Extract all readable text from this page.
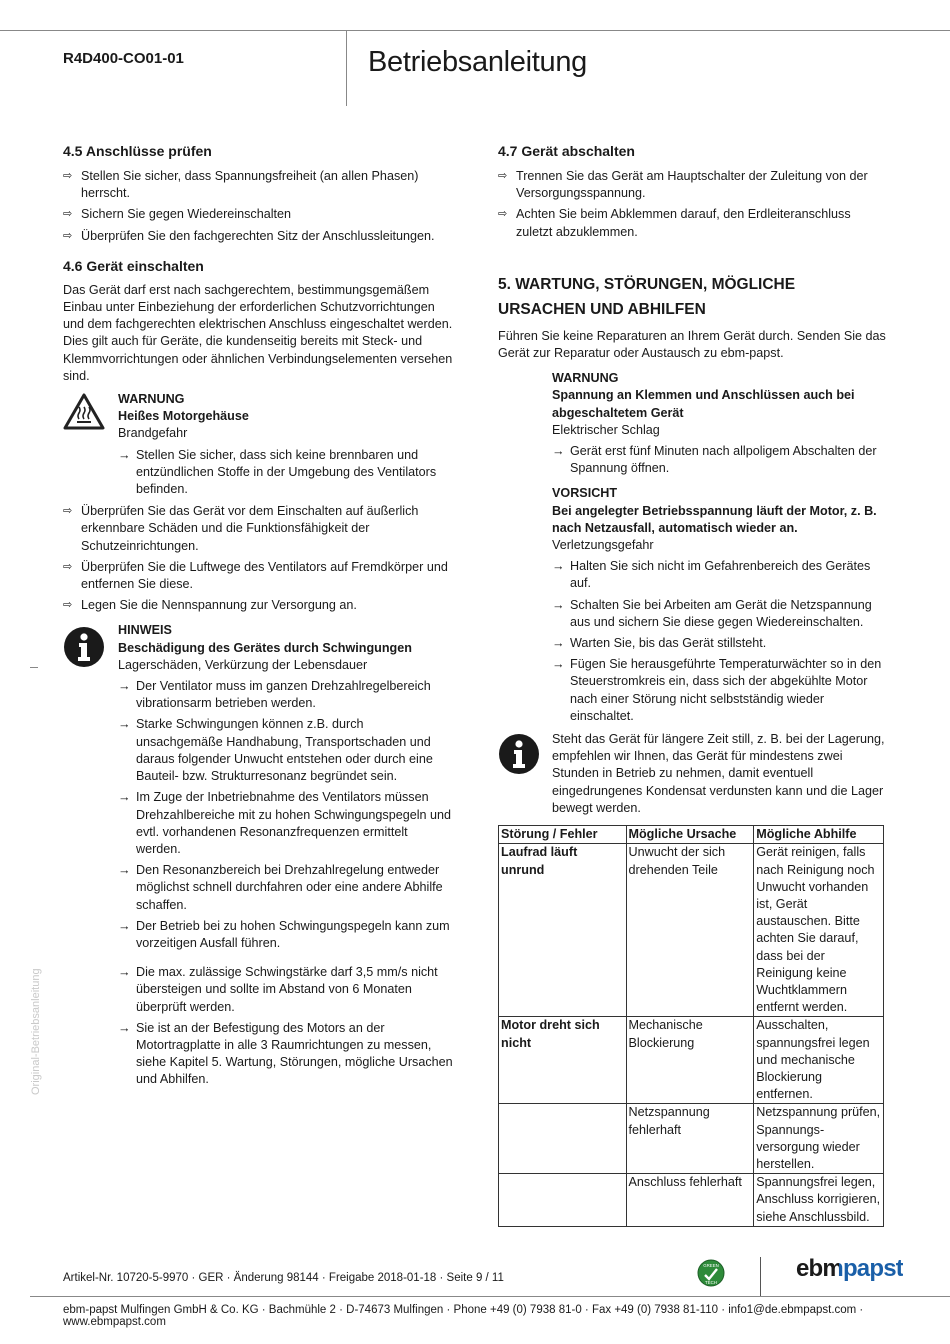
R4D400-CO01-01	Betriebsanleitung
Original-Betriebsanleitung
4.5 Anschlüsse prüfen

⇨ Stellen Sie sicher, dass Spannungsfreiheit (an allen Phasen) herrscht.

⇨ Sichern Sie gegen Wiedereinschalten

⇨ Überprüfen Sie den fachgerechten Sitz der Anschlussleitungen.

4.6 Gerät einschalten

Das Gerät darf erst nach sachgerechtem, bestimmungsgemäßem Einbau unter Einbeziehung der erforderlichen Schutzvorrichtungen und dem fachgerechten elektrischen Anschluss eingeschaltet werden. Dies gilt auch für Geräte, die kundenseitig bereits mit Steck- und Klemmvorrichtungen oder ähnlichen Verbindungselementen versehen sind.

WARNUNG

Heißes Motorgehäuse

Brandgefahr

→ Stellen Sie sicher, dass sich keine brennbaren und entzündlichen Stoffe in der Umgebung des Ventilators befinden.

⇨ Überprüfen Sie das Gerät vor dem Einschalten auf äußerlich erkennbare Schäden und die Funktionsfähigkeit der Schutzeinrichtungen.

⇨ Überprüfen Sie die Luftwege des Ventilators auf Fremdkörper und entfernen Sie diese.

⇨ Legen Sie die Nennspannung zur Versorgung an.

HINWEIS

Beschädigung des Gerätes durch Schwingungen

Lagerschäden, Verkürzung der Lebensdauer

→ Der Ventilator muss im ganzen Drehzahlregelbereich vibrationsarm betrieben werden.

→ Starke Schwingungen können z.B. durch unsachgemäße Handhabung, Transportschaden und daraus folgender Unwucht entstehen oder durch eine Bauteil- bzw. Strukturresonanz begründet sein.

→ Im Zuge der Inbetriebnahme des Ventilators müssen Drehzahlbereiche mit zu hohen Schwingungspegeln und evtl. vorhandenen Resonanzfrequenzen ermittelt werden.

→ Den Resonanzbereich bei Drehzahlregelung entweder möglichst schnell durchfahren oder eine andere Abhilfe schaffen.

→ Der Betrieb bei zu hohen Schwingungspegeln kann zum vorzeitigen Ausfall führen.

→ Die max. zulässige Schwingstärke darf 3,5 mm/s nicht übersteigen und sollte im Abstand von 6 Monaten überprüft werden.

→ Sie ist an der Befestigung des Motors an der Motortragplatte in alle 3 Raumrichtungen zu messen, siehe Kapitel 5. Wartung, Störungen, mögliche Ursachen und Abhilfen.

4.7 Gerät abschalten

⇨ Trennen Sie das Gerät am Hauptschalter der Zuleitung von der Versorgungsspannung.

⇨ Achten Sie beim Abklemmen darauf, den Erdleiteranschluss zuletzt abzuklemmen.

5. WARTUNG, STÖRUNGEN, MÖGLICHE
URSACHEN UND ABHILFEN

Führen Sie keine Reparaturen an Ihrem Gerät durch. Senden Sie das Gerät zur Reparatur oder Austausch zu ebm-papst.

WARNUNG

Spannung an Klemmen und Anschlüssen auch bei abgeschaltetem Gerät

Elektrischer Schlag

→ Gerät erst fünf Minuten nach allpoligem Abschalten der Spannung öffnen.

VORSICHT

Bei angelegter Betriebsspannung läuft der Motor, z. B. nach Netzausfall, automatisch wieder an.

Verletzungsgefahr

→ Halten Sie sich nicht im Gefahrenbereich des Gerätes auf.

→ Schalten Sie bei Arbeiten am Gerät die Netzspannung aus und sichern Sie diese gegen Wiedereinschalten.

→ Warten Sie, bis das Gerät stillsteht.

→ Fügen Sie herausgeführte Temperaturwächter so in den Steuerstromkreis ein, dass sich der abgekühlte Motor nach einer Störung nicht selbstständig wieder einschaltet.

Steht das Gerät für längere Zeit still, z. B. bei der Lagerung, empfehlen wir Ihnen, das Gerät für mindestens zwei Stunden in Betrieb zu nehmen, damit eventuell eingedrungenes Kondensat verdunsten kann und die Lager bewegt werden.

Störung / Fehler	Mögliche Ursache	Mögliche Abhilfe
Laufrad läuft unrund	Unwucht der sich drehenden Teile	Gerät reinigen, falls nach Reinigung noch Unwucht vorhanden ist, Gerät austauschen. Bitte achten Sie darauf, dass bei der Reinigung keine Wuchtklammern entfernt werden.
Motor dreht sich nicht	Mechanische Blockierung	Ausschalten, spannungsfrei legen und mechanische Blockierung entfernen.
	Netzspannung fehlerhaft	Netzspannung prüfen, Spannungs-versorgung wieder herstellen.
	Anschluss fehlerhaft	Spannungsfrei legen, Anschluss korrigieren, siehe Anschlussbild.
Artikel-Nr. 10720-5-9970 · GER · Änderung 98144 · Freigabe 2018-01-18 · Seite 9 / 11
GREEN
TECH
ebmpapst
ebm-papst Mulfingen GmbH & Co. KG · Bachmühle 2 · D-74673 Mulfingen · Phone +49 (0) 7938 81-0 · Fax +49 (0) 7938 81-110 · info1@de.ebmpapst.com · www.ebmpapst.com
